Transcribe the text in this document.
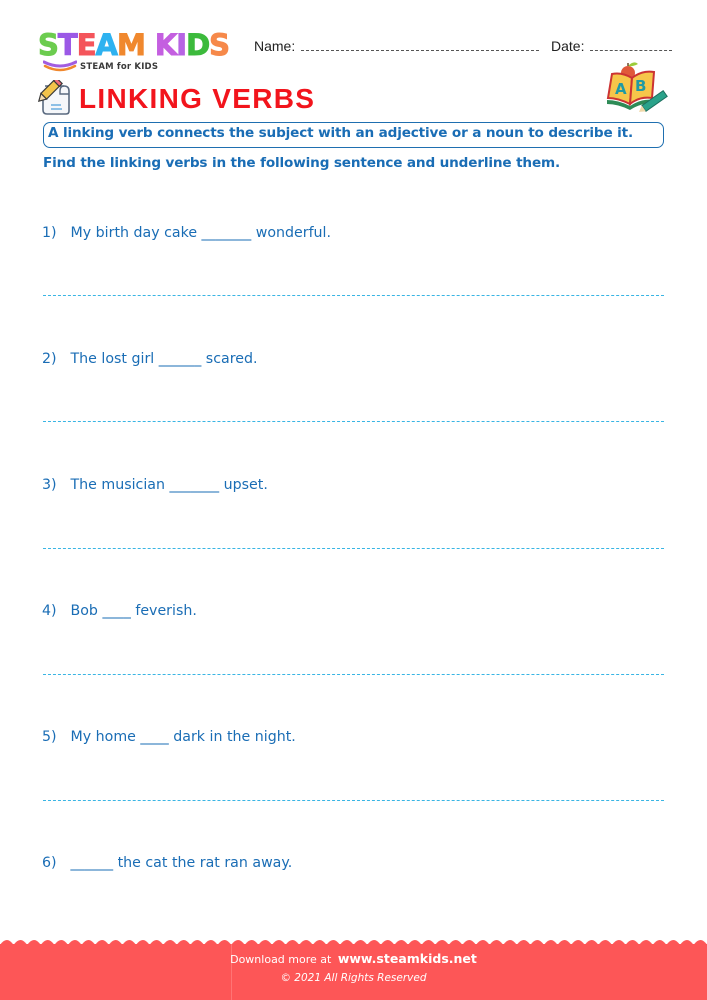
STEAM KIDS
STEAM for KIDS
Name:	Date:
LINKING VERBS	A B
A linking verb connects the subject with an adjective or a noun to describe it.
Find the linking verbs in the following sentence and underline them.
1) My birth day cake _______ wonderful.
2) The lost girl ______ scared.
3) The musician _______ upset.
4) Bob ____ feverish.
5) My home ____ dark in the night.
6) ______ the cat the rat ran away.
Download more at www.steamkids.net
© 2021 All Rights Reserved
